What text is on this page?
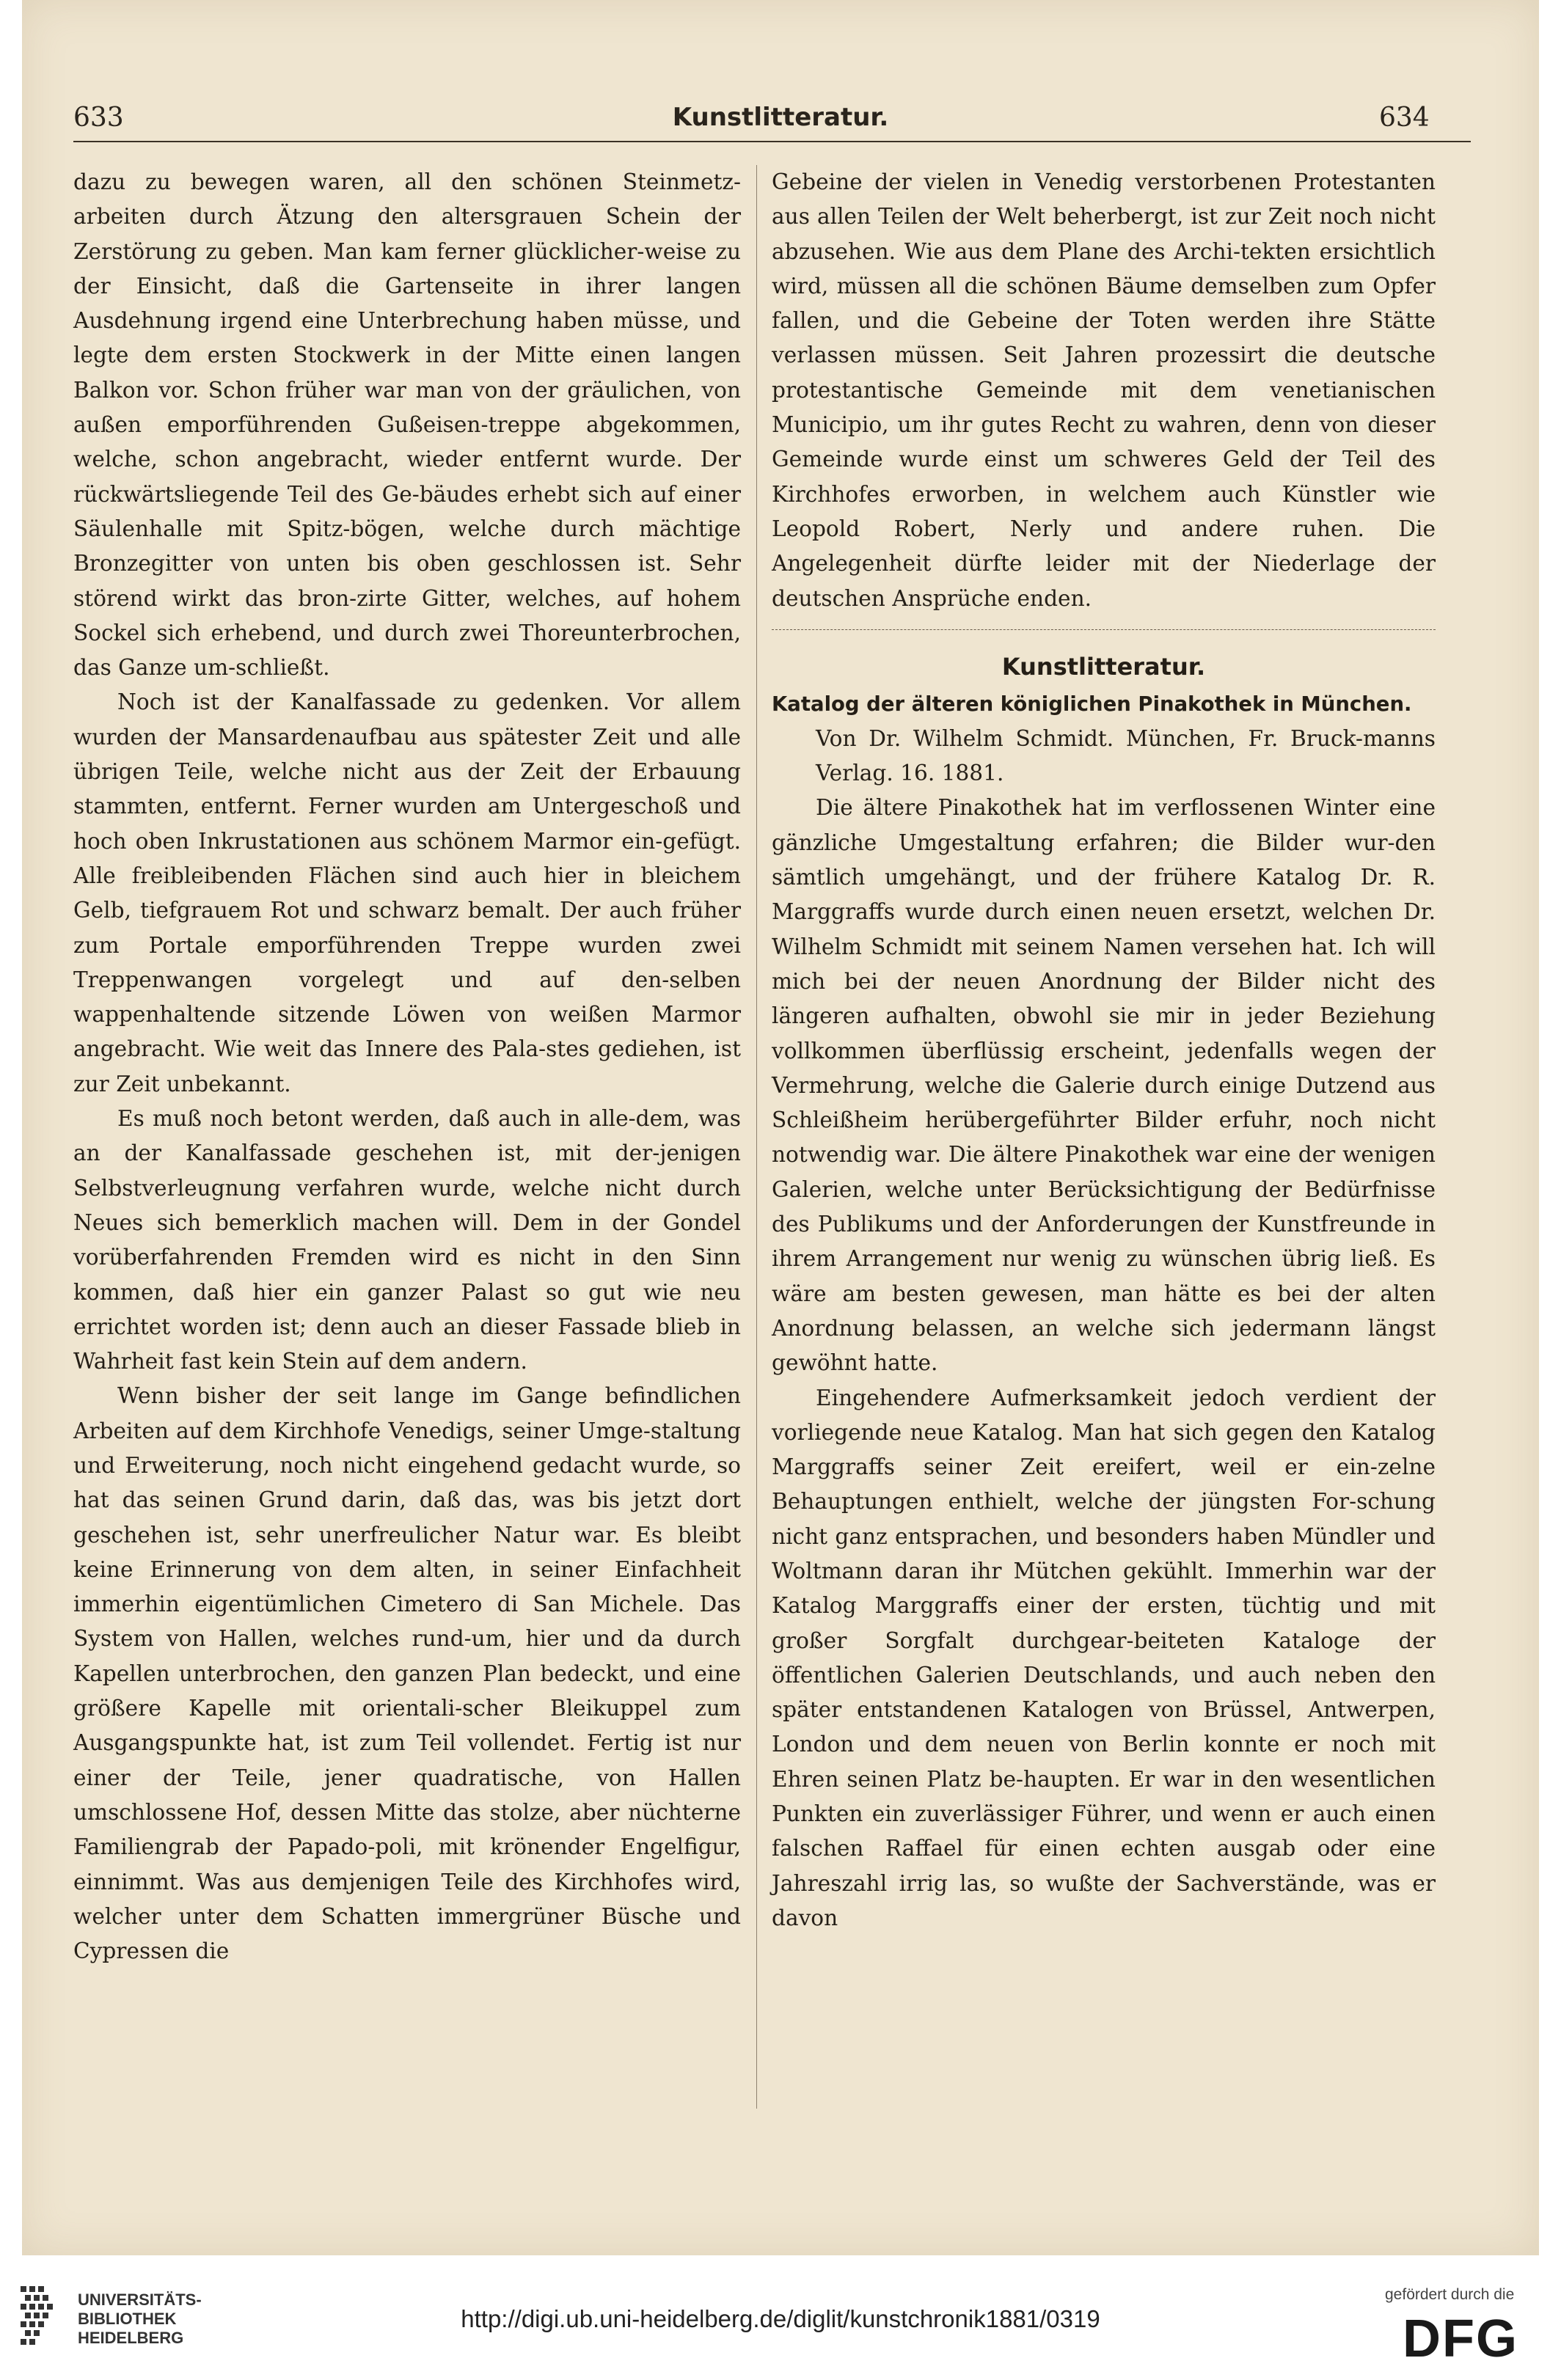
633	Kunstlitteratur.	634

dazu zu bewegen waren, all den schönen Steinmetz-arbeiten durch Ätzung den altersgrauen Schein der Zerstörung zu geben. Man kam ferner glücklicher-weise zu der Einsicht, daß die Gartenseite in ihrer langen Ausdehnung irgend eine Unterbrechung haben müsse, und legte dem ersten Stockwerk in der Mitte einen langen Balkon vor. Schon früher war man von der gräulichen, von außen emporführenden Gußeisen-treppe abgekommen, welche, schon angebracht, wieder entfernt wurde. Der rückwärtsliegende Teil des Ge-bäudes erhebt sich auf einer Säulenhalle mit Spitz-bögen, welche durch mächtige Bronzegitter von unten bis oben geschlossen ist. Sehr störend wirkt das bron-zirte Gitter, welches, auf hohem Sockel sich erhebend, und durch zwei Thoreunterbrochen, das Ganze um-schließt.

Noch ist der Kanalfassade zu gedenken. Vor allem wurden der Mansardenaufbau aus spätester Zeit und alle übrigen Teile, welche nicht aus der Zeit der Erbauung stammten, entfernt. Ferner wurden am Untergeschoß und hoch oben Inkrustationen aus schönem Marmor ein-gefügt. Alle freibleibenden Flächen sind auch hier in bleichem Gelb, tiefgrauem Rot und schwarz bemalt. Der auch früher zum Portale emporführenden Treppe wurden zwei Treppenwangen vorgelegt und auf den-selben wappenhaltende sitzende Löwen von weißen Marmor angebracht. Wie weit das Innere des Pala-stes gediehen, ist zur Zeit unbekannt.

Es muß noch betont werden, daß auch in alle-dem, was an der Kanalfassade geschehen ist, mit der-jenigen Selbstverleugnung verfahren wurde, welche nicht durch Neues sich bemerklich machen will. Dem in der Gondel vorüberfahrenden Fremden wird es nicht in den Sinn kommen, daß hier ein ganzer Palast so gut wie neu errichtet worden ist; denn auch an dieser Fassade blieb in Wahrheit fast kein Stein auf dem andern.

Wenn bisher der seit lange im Gange befindlichen Arbeiten auf dem Kirchhofe Venedigs, seiner Umge-staltung und Erweiterung, noch nicht eingehend gedacht wurde, so hat das seinen Grund darin, daß das, was bis jetzt dort geschehen ist, sehr unerfreulicher Natur war. Es bleibt keine Erinnerung von dem alten, in seiner Einfachheit immerhin eigentümlichen Cimetero di San Michele. Das System von Hallen, welches rund-um, hier und da durch Kapellen unterbrochen, den ganzen Plan bedeckt, und eine größere Kapelle mit orientali-scher Bleikuppel zum Ausgangspunkte hat, ist zum Teil vollendet. Fertig ist nur einer der Teile, jener quadratische, von Hallen umschlossene Hof, dessen Mitte das stolze, aber nüchterne Familiengrab der Papado-poli, mit krönender Engelfigur, einnimmt. Was aus demjenigen Teile des Kirchhofes wird, welcher unter dem Schatten immergrüner Büsche und Cypressen die

Gebeine der vielen in Venedig verstorbenen Protestanten aus allen Teilen der Welt beherbergt, ist zur Zeit noch nicht abzusehen. Wie aus dem Plane des Archi-tekten ersichtlich wird, müssen all die schönen Bäume demselben zum Opfer fallen, und die Gebeine der Toten werden ihre Stätte verlassen müssen. Seit Jahren prozessirt die deutsche protestantische Gemeinde mit dem venetianischen Municipio, um ihr gutes Recht zu wahren, denn von dieser Gemeinde wurde einst um schweres Geld der Teil des Kirchhofes erworben, in welchem auch Künstler wie Leopold Robert, Nerly und andere ruhen. Die Angelegenheit dürfte leider mit der Niederlage der deutschen Ansprüche enden.

Kunstlitteratur.

Katalog der älteren königlichen Pinakothek in München.

Von Dr. Wilhelm Schmidt. München, Fr. Bruck-manns Verlag. 16. 1881.

Die ältere Pinakothek hat im verflossenen Winter eine gänzliche Umgestaltung erfahren; die Bilder wur-den sämtlich umgehängt, und der frühere Katalog Dr. R. Marggraffs wurde durch einen neuen ersetzt, welchen Dr. Wilhelm Schmidt mit seinem Namen versehen hat. Ich will mich bei der neuen Anordnung der Bilder nicht des längeren aufhalten, obwohl sie mir in jeder Beziehung vollkommen überflüssig erscheint, jedenfalls wegen der Vermehrung, welche die Galerie durch einige Dutzend aus Schleißheim herübergeführter Bilder erfuhr, noch nicht notwendig war. Die ältere Pinakothek war eine der wenigen Galerien, welche unter Berücksichtigung der Bedürfnisse des Publikums und der Anforderungen der Kunstfreunde in ihrem Arrangement nur wenig zu wünschen übrig ließ. Es wäre am besten gewesen, man hätte es bei der alten Anordnung belassen, an welche sich jedermann längst gewöhnt hatte.

Eingehendere Aufmerksamkeit jedoch verdient der vorliegende neue Katalog. Man hat sich gegen den Katalog Marggraffs seiner Zeit ereifert, weil er ein-zelne Behauptungen enthielt, welche der jüngsten For-schung nicht ganz entsprachen, und besonders haben Mündler und Woltmann daran ihr Mütchen gekühlt. Immerhin war der Katalog Marggraffs einer der ersten, tüchtig und mit großer Sorgfalt durchgear-beiteten Kataloge der öffentlichen Galerien Deutschlands, und auch neben den später entstandenen Katalogen von Brüssel, Antwerpen, London und dem neuen von Berlin konnte er noch mit Ehren seinen Platz be-haupten. Er war in den wesentlichen Punkten ein zuverlässiger Führer, und wenn er auch einen falschen Raffael für einen echten ausgab oder eine Jahreszahl irrig las, so wußte der Sachverstände, was er davon

UNIVERSITÄTS-
BIBLIOTHEK
HEIDELBERG
http://digi.ub.uni-heidelberg.de/diglit/kunstchronik1881/0319
gefördert durch die
DFG
